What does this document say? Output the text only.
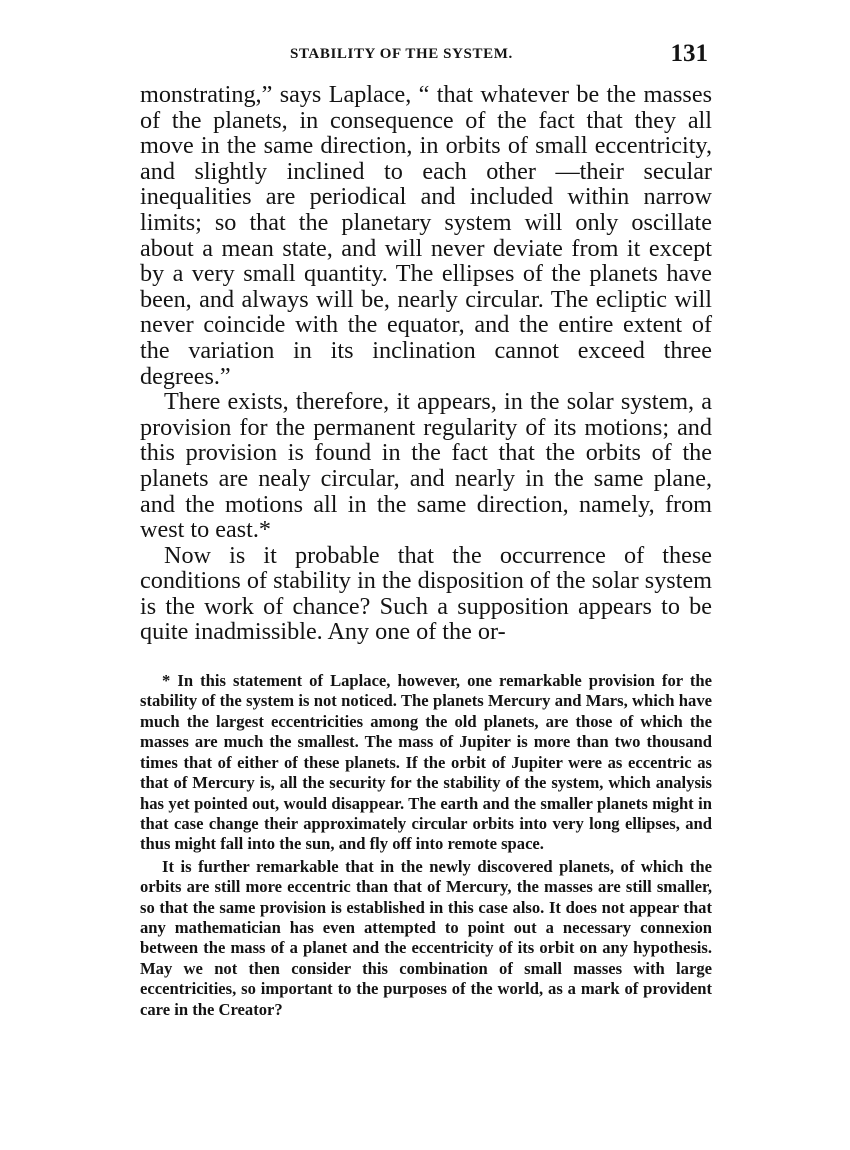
STABILITY OF THE SYSTEM.	131

monstrating,” says Laplace, “ that whatever be the masses of the planets, in consequence of the fact that they all move in the same direction, in orbits of small eccentricity, and slightly inclined to each other —their secular inequalities are periodical and included within narrow limits; so that the planetary system will only oscillate about a mean state, and will never deviate from it except by a very small quantity. The ellipses of the planets have been, and always will be, nearly circular. The ecliptic will never coincide with the equator, and the entire extent of the variation in its inclination cannot exceed three degrees.”

There exists, therefore, it appears, in the solar system, a provision for the permanent regularity of its motions; and this provision is found in the fact that the orbits of the planets are nealy circular, and nearly in the same plane, and the motions all in the same direction, namely, from west to east.*

Now is it probable that the occurrence of these conditions of stability in the disposition of the solar system is the work of chance? Such a supposition appears to be quite inadmissible. Any one of the or-

* In this statement of Laplace, however, one remarkable provision for the stability of the system is not noticed. The planets Mercury and Mars, which have much the largest eccentricities among the old planets, are those of which the masses are much the smallest. The mass of Jupiter is more than two thousand times that of either of these planets. If the orbit of Jupiter were as eccentric as that of Mercury is, all the security for the stability of the system, which analysis has yet pointed out, would disappear. The earth and the smaller planets might in that case change their approximately circular orbits into very long ellipses, and thus might fall into the sun, and fly off into remote space.

It is further remarkable that in the newly discovered planets, of which the orbits are still more eccentric than that of Mercury, the masses are still smaller, so that the same provision is established in this case also. It does not appear that any mathematician has even attempted to point out a necessary connexion between the mass of a planet and the eccentricity of its orbit on any hypothesis. May we not then consider this combination of small masses with large eccentricities, so important to the purposes of the world, as a mark of provident care in the Creator?
